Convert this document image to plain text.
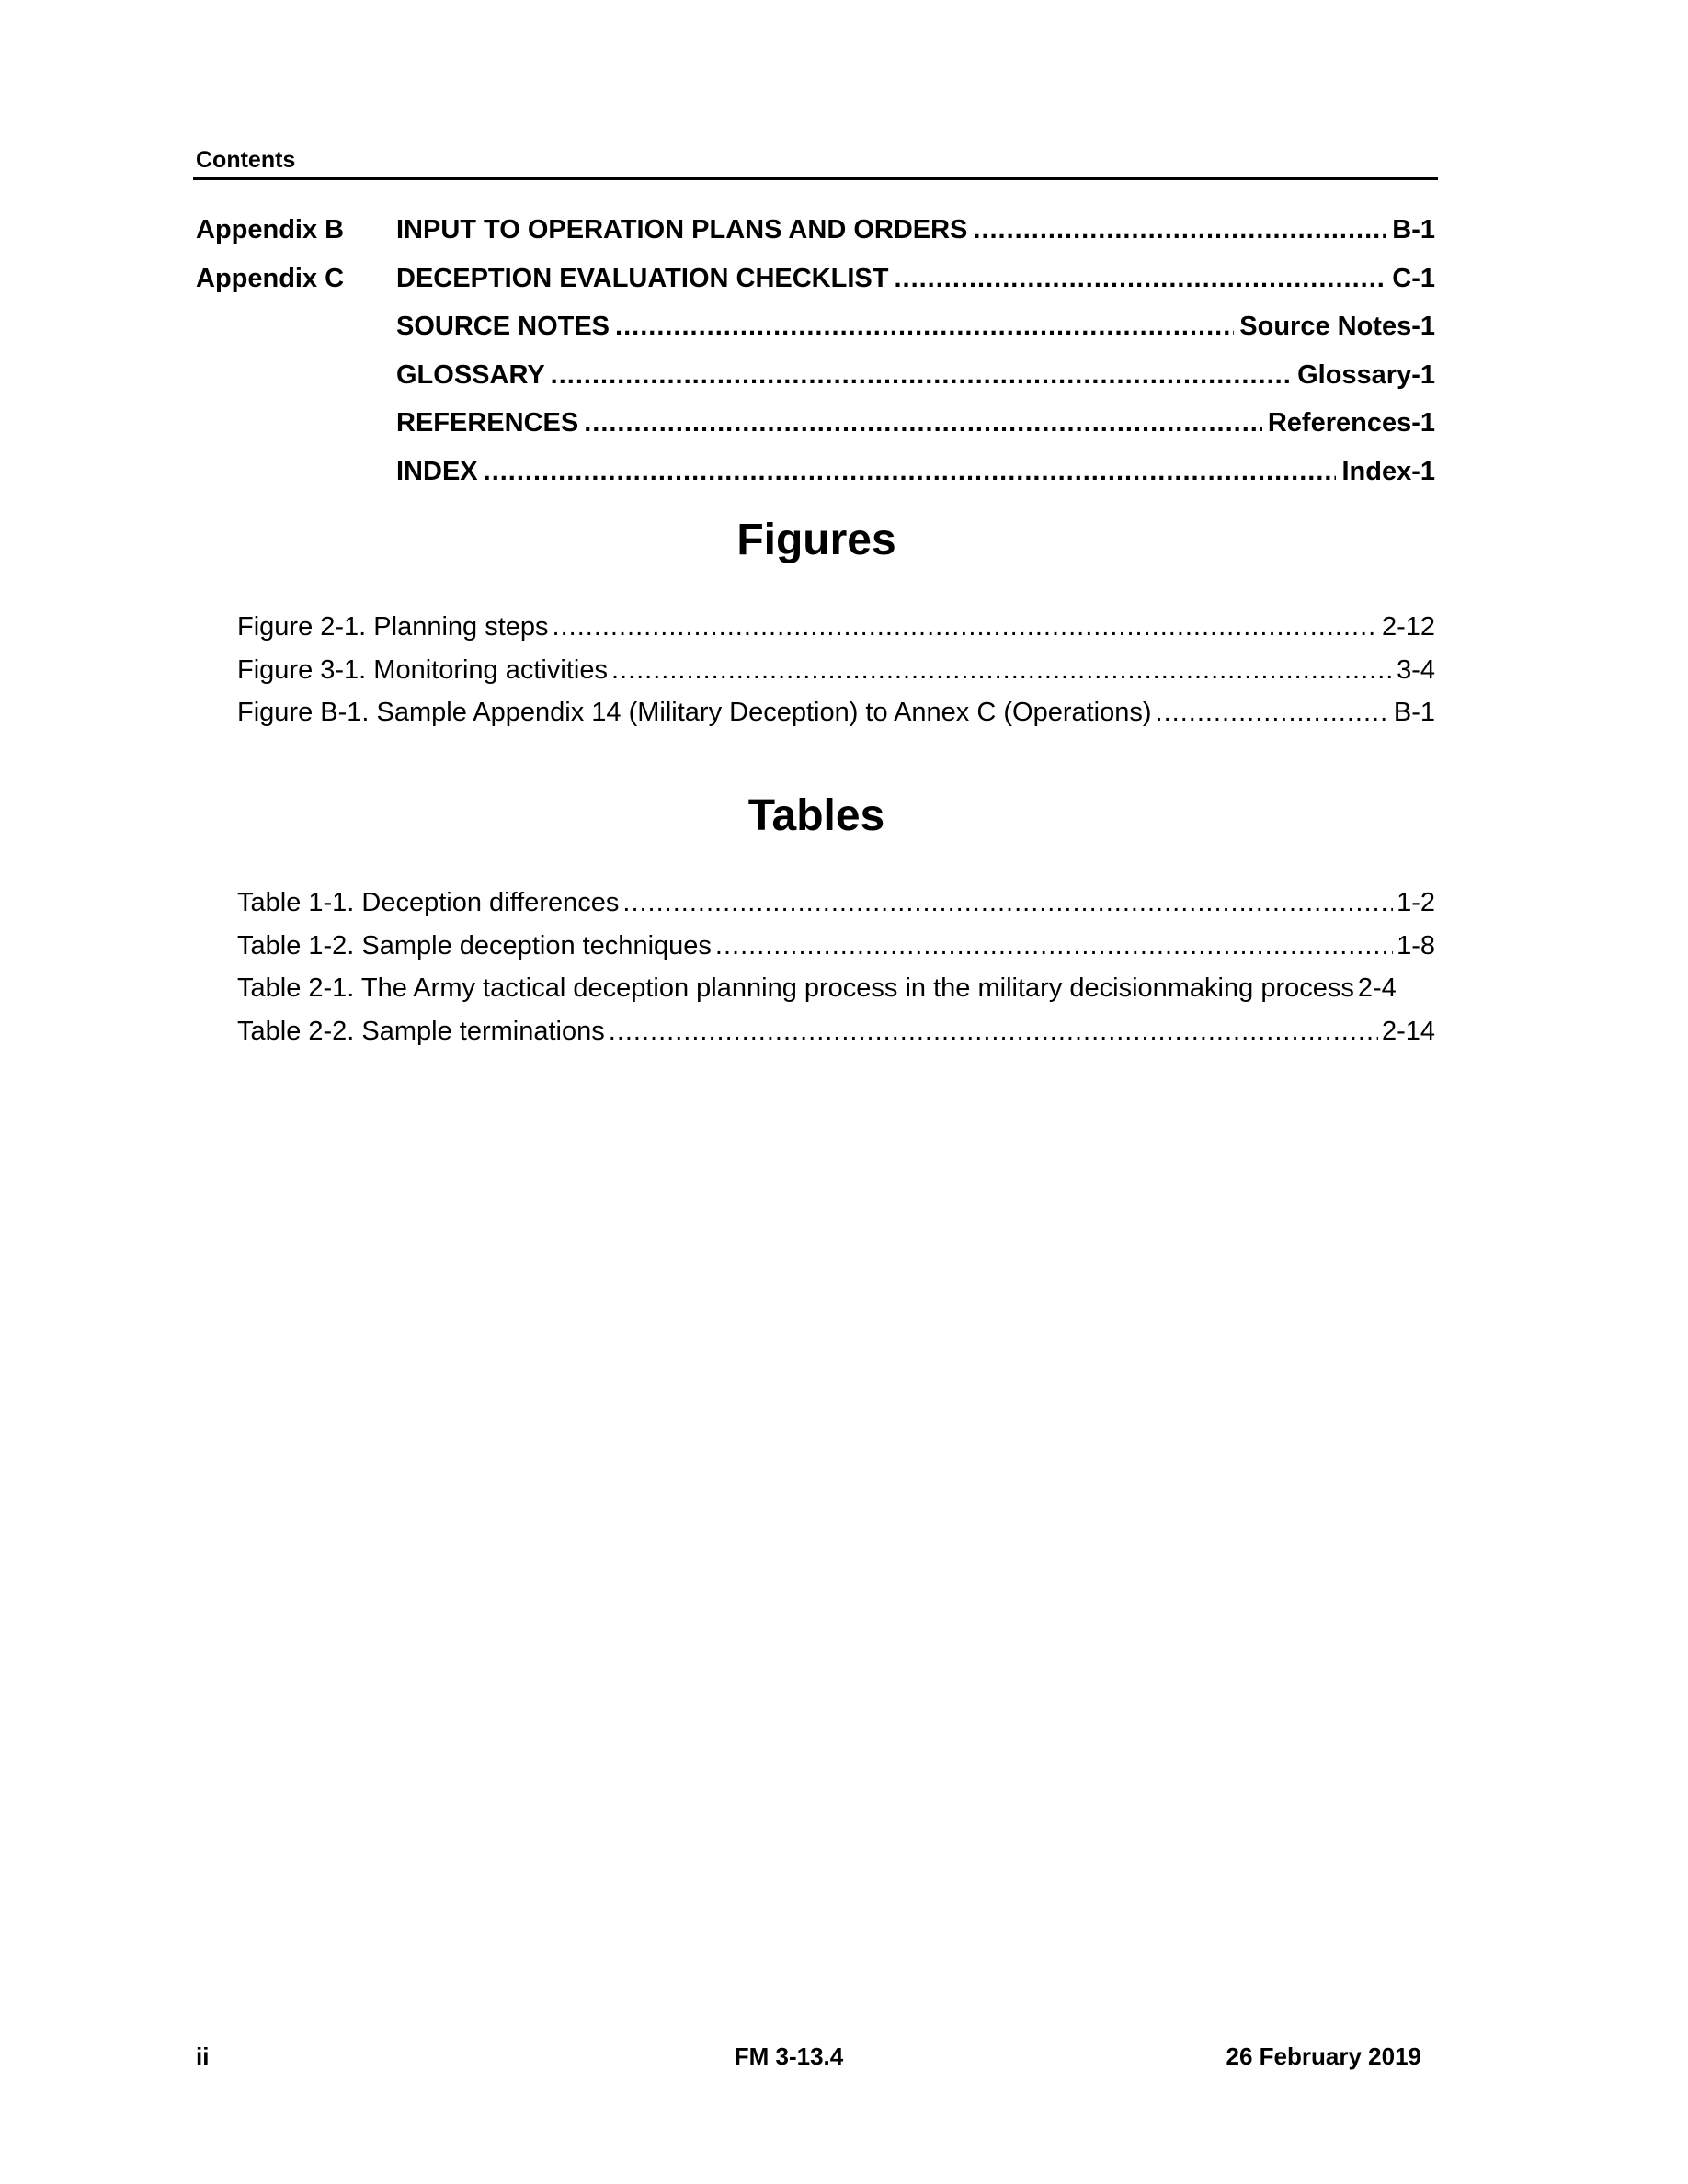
Contents
Appendix B INPUT TO OPERATION PLANS AND ORDERS .....	B-1
Appendix C DECEPTION EVALUATION CHECKLIST .....	C-1
SOURCE NOTES .....	Source Notes-1
GLOSSARY .....	Glossary-1
REFERENCES .....	References-1
INDEX .....	Index-1
Figures
Figure 2-1. Planning steps .....	2-12
Figure 3-1. Monitoring activities .....	3-4
Figure B-1. Sample Appendix 14 (Military Deception) to Annex C (Operations) .....	B-1
Tables
Table 1-1. Deception differences .....	1-2
Table 1-2. Sample deception techniques .....	1-8
Table 2-1. The Army tactical deception planning process in the military decisionmaking process 2-4
Table 2-2. Sample terminations .....	2-14
ii	FM 3-13.4	26 February 2019
